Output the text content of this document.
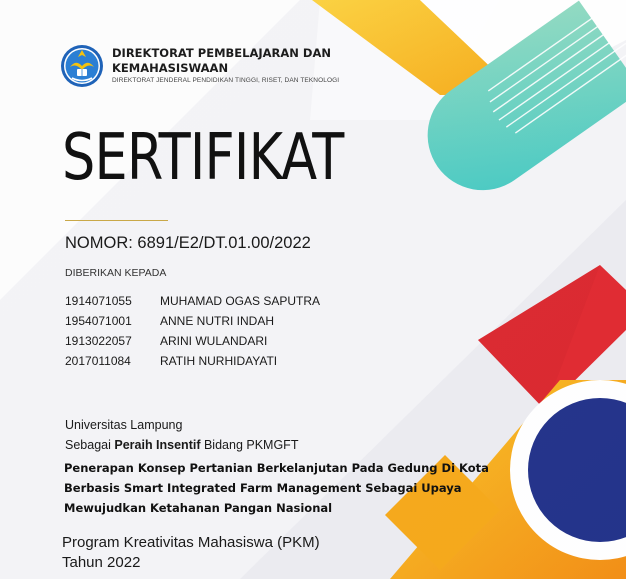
DIREKTORAT PEMBELAJARAN DAN KEMAHASISWAAN
DIREKTORAT JENDERAL PENDIDIKAN TINGGI, RISET, DAN TEKNOLOGI
SERTIFIKAT
NOMOR: 6891/E2/DT.01.00/2022
DIBERIKAN KEPADA
1914071055	MUHAMAD OGAS SAPUTRA
1954071001	ANNE NUTRI INDAH
1913022057	ARINI WULANDARI
2017011084	RATIH NURHIDAYATI
Universitas Lampung
Sebagai Peraih Insentif Bidang PKMGFT
Penerapan Konsep Pertanian Berkelanjutan Pada Gedung Di Kota Berbasis Smart Integrated Farm Management Sebagai Upaya Mewujudkan Ketahanan Pangan Nasional
Program Kreativitas Mahasiswa (PKM)
Tahun 2022
